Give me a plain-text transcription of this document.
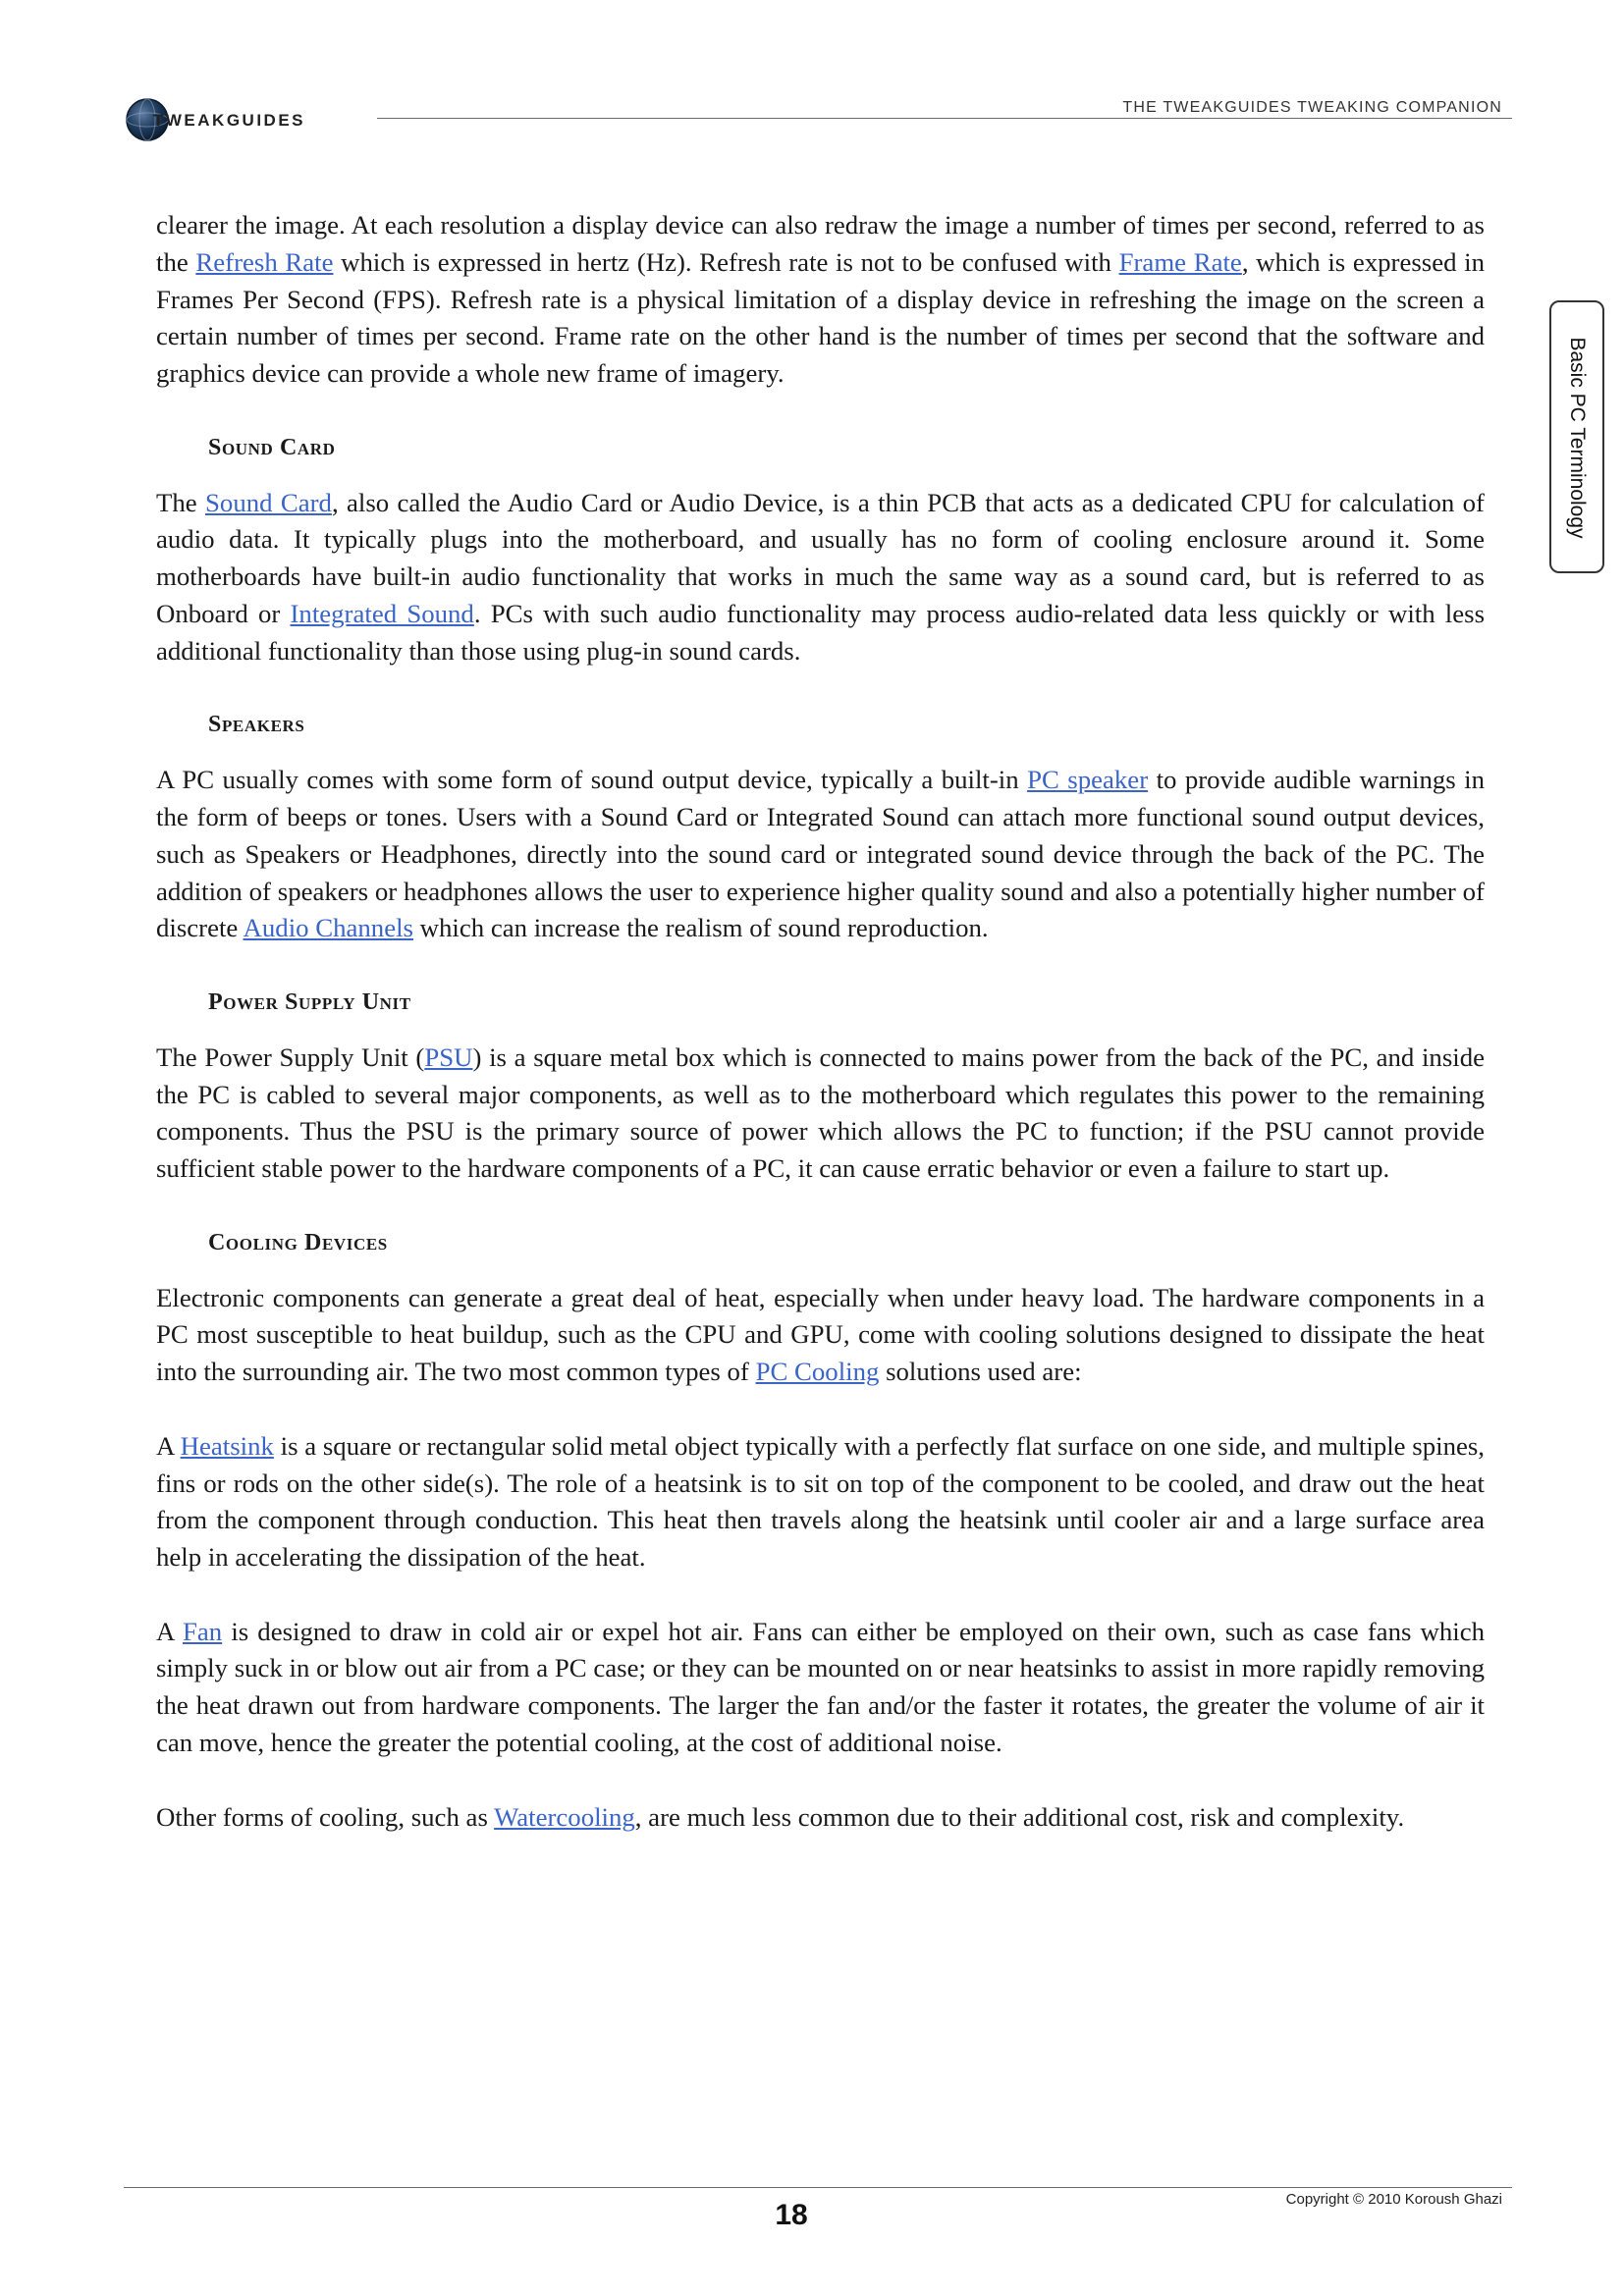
TWEAKGUIDES
THE TWEAKGUIDES TWEAKING COMPANION
Basic PC Terminology

clearer the image. At each resolution a display device can also redraw the image a number of times per second, referred to as the Refresh Rate which is expressed in hertz (Hz). Refresh rate is not to be confused with Frame Rate, which is expressed in Frames Per Second (FPS). Refresh rate is a physical limitation of a display device in refreshing the image on the screen a certain number of times per second. Frame rate on the other hand is the number of times per second that the software and graphics device can provide a whole new frame of imagery.

Sound Card

The Sound Card, also called the Audio Card or Audio Device, is a thin PCB that acts as a dedicated CPU for calculation of audio data. It typically plugs into the motherboard, and usually has no form of cooling enclosure around it. Some motherboards have built-in audio functionality that works in much the same way as a sound card, but is referred to as Onboard or Integrated Sound. PCs with such audio functionality may process audio-related data less quickly or with less additional functionality than those using plug-in sound cards.

Speakers

A PC usually comes with some form of sound output device, typically a built-in PC speaker to provide audible warnings in the form of beeps or tones. Users with a Sound Card or Integrated Sound can attach more functional sound output devices, such as Speakers or Headphones, directly into the sound card or integrated sound device through the back of the PC. The addition of speakers or headphones allows the user to experience higher quality sound and also a potentially higher number of discrete Audio Channels which can increase the realism of sound reproduction.

Power Supply Unit

The Power Supply Unit (PSU) is a square metal box which is connected to mains power from the back of the PC, and inside the PC is cabled to several major components, as well as to the motherboard which regulates this power to the remaining components. Thus the PSU is the primary source of power which allows the PC to function; if the PSU cannot provide sufficient stable power to the hardware components of a PC, it can cause erratic behavior or even a failure to start up.

Cooling Devices

Electronic components can generate a great deal of heat, especially when under heavy load. The hardware components in a PC most susceptible to heat buildup, such as the CPU and GPU, come with cooling solutions designed to dissipate the heat into the surrounding air. The two most common types of PC Cooling solutions used are:

A Heatsink is a square or rectangular solid metal object typically with a perfectly flat surface on one side, and multiple spines, fins or rods on the other side(s). The role of a heatsink is to sit on top of the component to be cooled, and draw out the heat from the component through conduction. This heat then travels along the heatsink until cooler air and a large surface area help in accelerating the dissipation of the heat.

A Fan is designed to draw in cold air or expel hot air. Fans can either be employed on their own, such as case fans which simply suck in or blow out air from a PC case; or they can be mounted on or near heatsinks to assist in more rapidly removing the heat drawn out from hardware components. The larger the fan and/or the faster it rotates, the greater the volume of air it can move, hence the greater the potential cooling, at the cost of additional noise.

Other forms of cooling, such as Watercooling, are much less common due to their additional cost, risk and complexity.

Copyright © 2010 Koroush Ghazi
18
